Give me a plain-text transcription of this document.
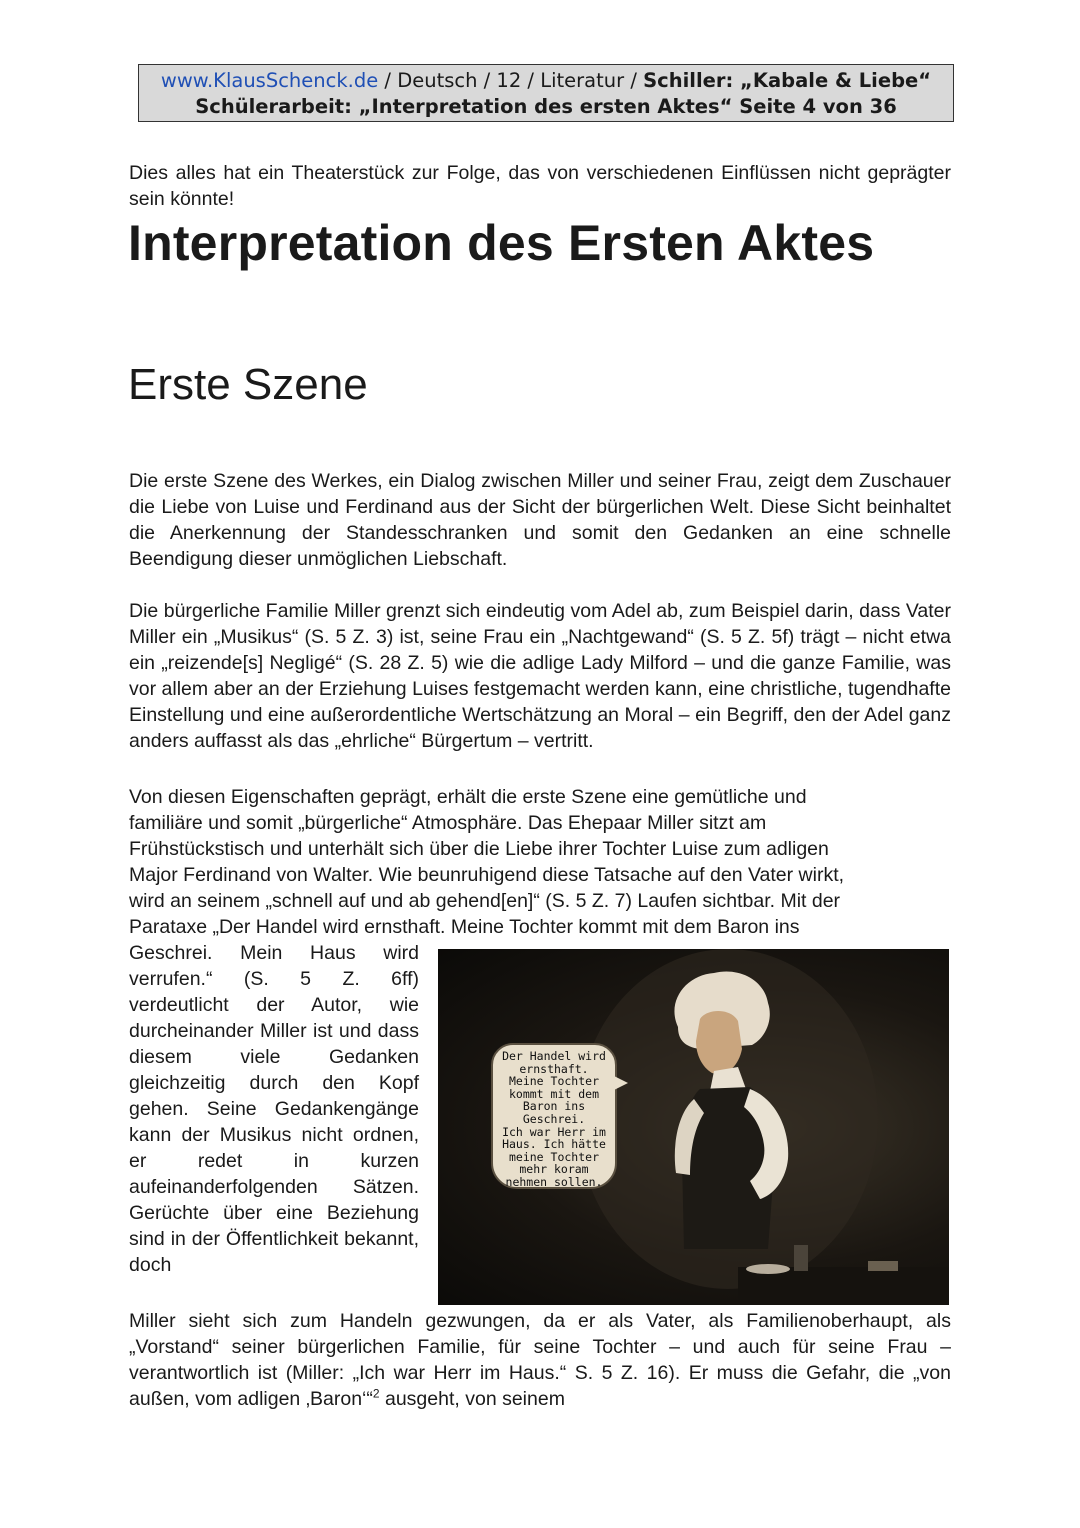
www.KlausSchenck.de / Deutsch / 12 / Literatur / Schiller: „Kabale & Liebe“
Schülerarbeit: „Interpretation des ersten Aktes“ Seite 4 von 36
Dies alles hat ein Theaterstück zur Folge, das von verschiedenen Einflüssen nicht geprägter sein könnte!
Interpretation des Ersten Aktes
Erste Szene
Die erste Szene des Werkes, ein Dialog zwischen Miller und seiner Frau, zeigt dem Zuschauer die Liebe von Luise und Ferdinand aus der Sicht der bürgerlichen Welt. Diese Sicht beinhaltet die Anerkennung der Standesschranken und somit den Gedanken an eine schnelle Beendigung dieser unmöglichen Liebschaft.
Die bürgerliche Familie Miller grenzt sich eindeutig vom Adel ab, zum Beispiel darin, dass Vater Miller ein „Musikus“ (S. 5 Z. 3) ist, seine Frau ein „Nachtgewand“ (S. 5 Z. 5f) trägt – nicht etwa ein „reizende[s] Negligé“ (S. 28 Z. 5) wie die adlige Lady Milford – und die ganze Familie, was vor allem aber an der Erziehung Luises festgemacht werden kann, eine christliche, tugendhafte Einstellung und eine außerordentliche Wertschätzung an Moral – ein Begriff, den der Adel ganz anders auffasst als das „ehrliche“ Bürgertum – vertritt.

Von diesen Eigenschaften geprägt, erhält die erste Szene eine gemütliche und

familiäre und somit „bürgerliche“ Atmosphäre. Das Ehepaar Miller sitzt am

Frühstückstisch und unterhält sich über die Liebe ihrer Tochter Luise zum adligen

Major Ferdinand von Walter. Wie beunruhigend diese Tatsache auf den Vater wirkt,

wird an seinem „schnell auf und ab gehend[en]“ (S. 5 Z. 7) Laufen sichtbar. Mit der

Parataxe „Der Handel wird ernsthaft. Meine Tochter kommt mit dem Baron ins

Geschrei. Mein Haus wird verrufen.“ (S. 5 Z. 6ff) verdeutlicht der Autor, wie durcheinander Miller ist und dass diesem viele Gedanken gleichzeitig durch den Kopf gehen. Seine Gedankengänge kann der Musikus nicht ordnen, er redet in kurzen aufeinanderfolgenden Sätzen. Gerüchte über eine Beziehung sind in der Öffentlichkeit bekannt, doch

Der Handel wird
ernsthaft.
Meine Tochter
kommt mit dem
Baron ins
Geschrei.
Ich war Herr im
Haus. Ich hätte
meine Tochter
mehr koram
nehmen sollen.
Miller sieht sich zum Handeln gezwungen, da er als Vater, als Familienoberhaupt, als „Vorstand“ seiner bürgerlichen Familie, für seine Tochter – und auch für seine Frau – verantwortlich ist (Miller: „Ich war Herr im Haus.“ S. 5 Z. 16). Er muss die Gefahr, die „von außen, vom adligen ‚Baron‘“$^2$ ausgeht, von seinem
